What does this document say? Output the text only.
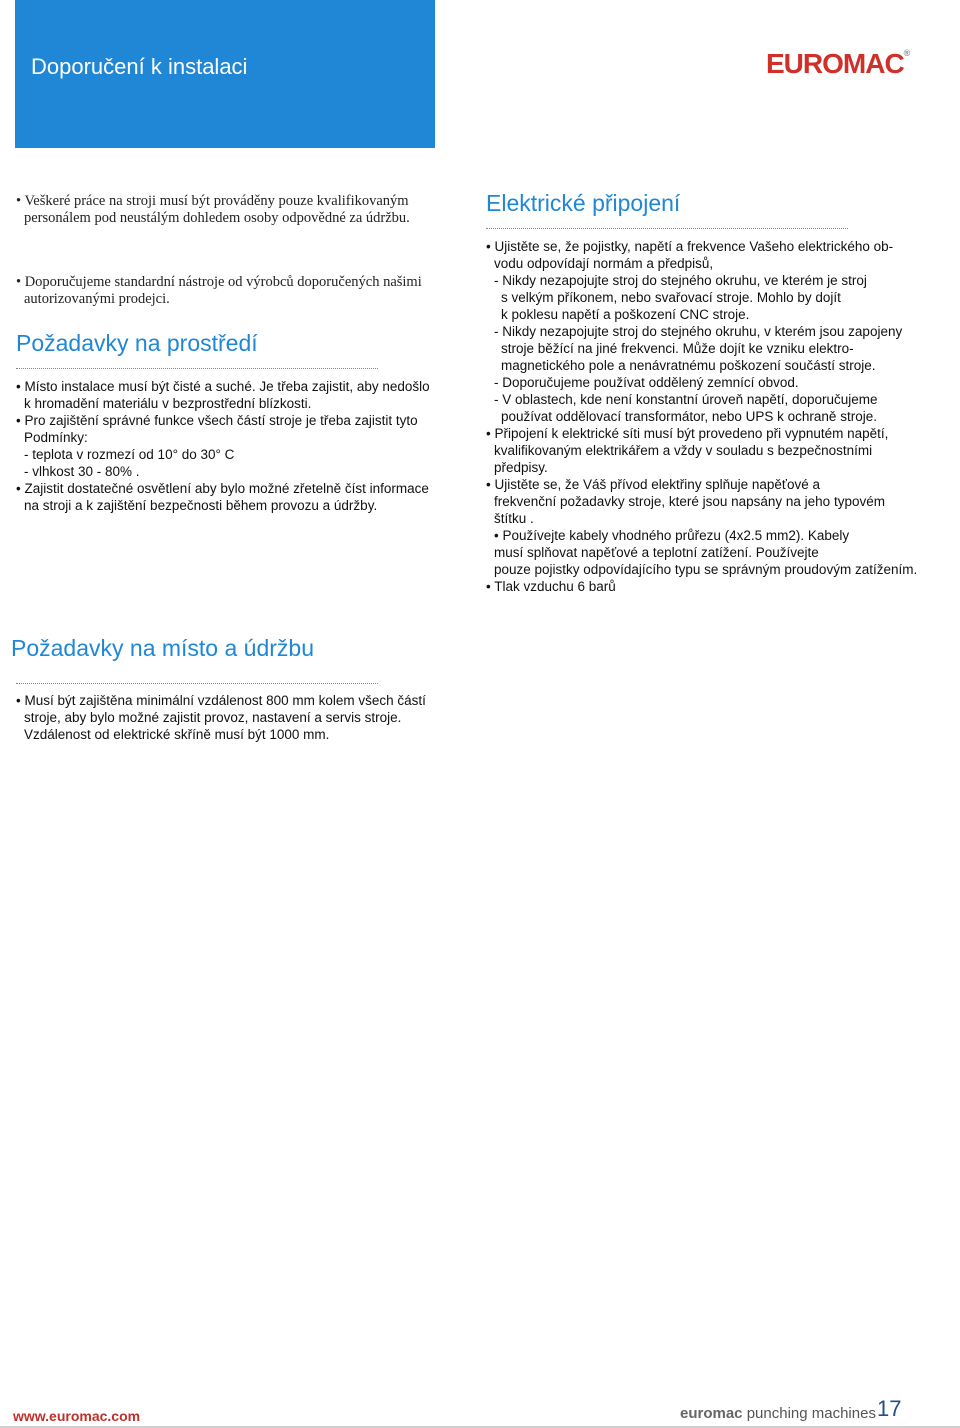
Doporučení k instalaci	EUROMAC®
• Veškeré práce na stroji musí být prováděny pouze kvalifikovaným
personálem pod neustálým dohledem osoby odpovědné za údržbu.
• Doporučujeme standardní nástroje od výrobců doporučených našimi
autorizovanými prodejci.
Požadavky na prostředí
• Místo instalace musí být čisté a suché. Je třeba zajistit, aby nedošlo
k hromadění materiálu v bezprostřední blízkosti.
• Pro zajištění správné funkce všech částí stroje je třeba zajistit tyto
Podmínky:
- teplota v rozmezí od 10° do 30° C
- vlhkost 30 - 80% .
• Zajistit dostatečné osvětlení aby bylo možné zřetelně číst informace
na stroji a k zajištění bezpečnosti během provozu a údržby.
Elektrické připojení
• Ujistěte se, že pojistky, napětí a frekvence Vašeho elektrického ob-
vodu odpovídají normám a předpisů,
- Nikdy nezapojujte stroj do stejného okruhu, ve kterém je stroj
s velkým příkonem, nebo svařovací stroje. Mohlo by dojít
k poklesu napětí a poškození CNC stroje.
- Nikdy nezapojujte stroj do stejného okruhu, v kterém jsou zapojeny
stroje běžící na jiné frekvenci. Může dojít ke vzniku elektro-
magnetického pole a nenávratnému poškození součástí stroje.
- Doporučujeme používat oddělený zemnící obvod.
- V oblastech, kde není konstantní úroveň napětí, doporučujeme
používat oddělovací transformátor, nebo UPS k ochraně stroje.
• Připojení k elektrické síti musí být provedeno při vypnutém napětí,
kvalifikovaným elektrikářem a vždy v souladu s bezpečnostními
předpisy.
• Ujistěte se, že Váš přívod elektřiny splňuje napěťové a
frekvenční požadavky stroje, které jsou napsány na jeho typovém
štítku .
• Používejte kabely vhodného průřezu (4x2.5 mm2). Kabely
musí splňovat napěťové a teplotní zatížení. Používejte
pouze pojistky odpovídajícího typu se správným proudovým zatížením.
• Tlak vzduchu 6 barů
Požadavky na místo a údržbu
• Musí být zajištěna minimální vzdálenost 800 mm kolem všech částí
stroje, aby bylo možné zajistit provoz, nastavení a servis stroje.
Vzdálenost od elektrické skříně musí být 1000 mm.
www.euromac.com	euromac punching machines 17
